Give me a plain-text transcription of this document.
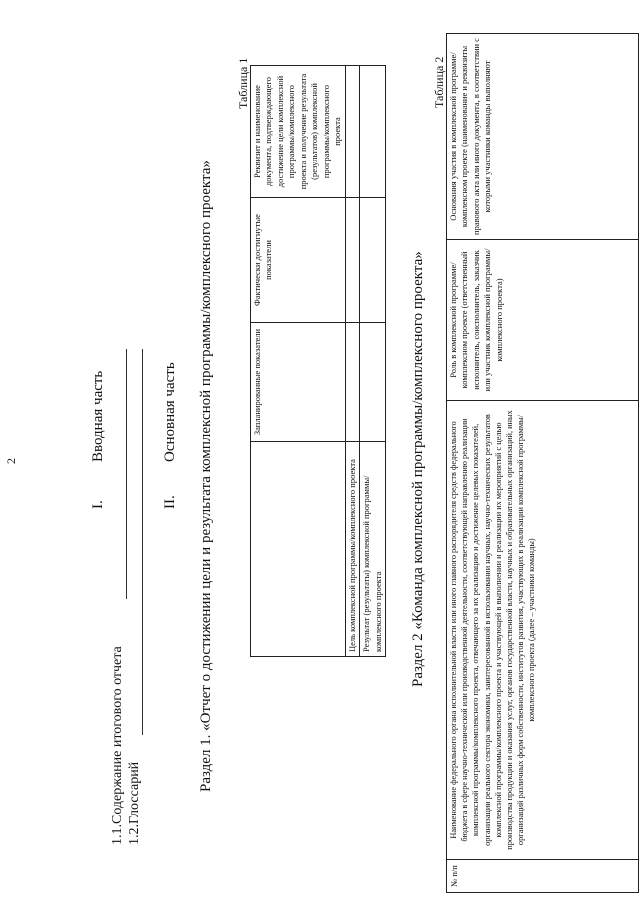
2
I.
Вводная часть
1.1.Содержание итогового отчета 1.2.Глоссарий
II.
Основная часть Раздел 1. «Отчет о достижении цели и результата комплексной программы/комплексного проекта»
Таблица 1
	Запланированные показатели	Фактически достигнутые показатели	Реквизит и наименование документа, подтверждающего достижение цели комплексной программы/комплексного проекта и получение результата (результатов) комплексной программы/комплексного проекта
Цель комплексной программы/комплексного проекта			
Результат (результаты) комплексной программы/комплексного проекта			Раздел 2 «Команда комплексной программы/комплексного проекта»
Таблица 2
№ п/п	Наименование федерального органа исполнительной власти или иного главного распорядителя средств федерального бюджета в сфере научно-технической или производственной деятельности, соответствующей направлению реализации комплексной программы/комплексного проекта, отвечающего за их реализацию и достижение целевых показателей, организации реального сектора экономики, заинтересованной в использовании научных, научно-технических результатов комплексной программы/комплексного проекта и участвующей в выполнении и реализации их мероприятий с целью производства продукции и оказания услуг, органов государственной власти, научных и образовательных организаций, иных организаций различных форм собственности, институтов развития, участвующих в реализации комплексной программы/комплексного проекта (далее – участники команды)	Роль в комплексной программе/комплексном проекте (ответственный исполнитель, соисполнитель, заказчик или участник комплексной программы/комплексного проекта)	Основания участия в комплексной программе/комплексном проекте (наименование и реквизиты правового акта или иного документа, в соответствии с которыми участники команды выполняют
